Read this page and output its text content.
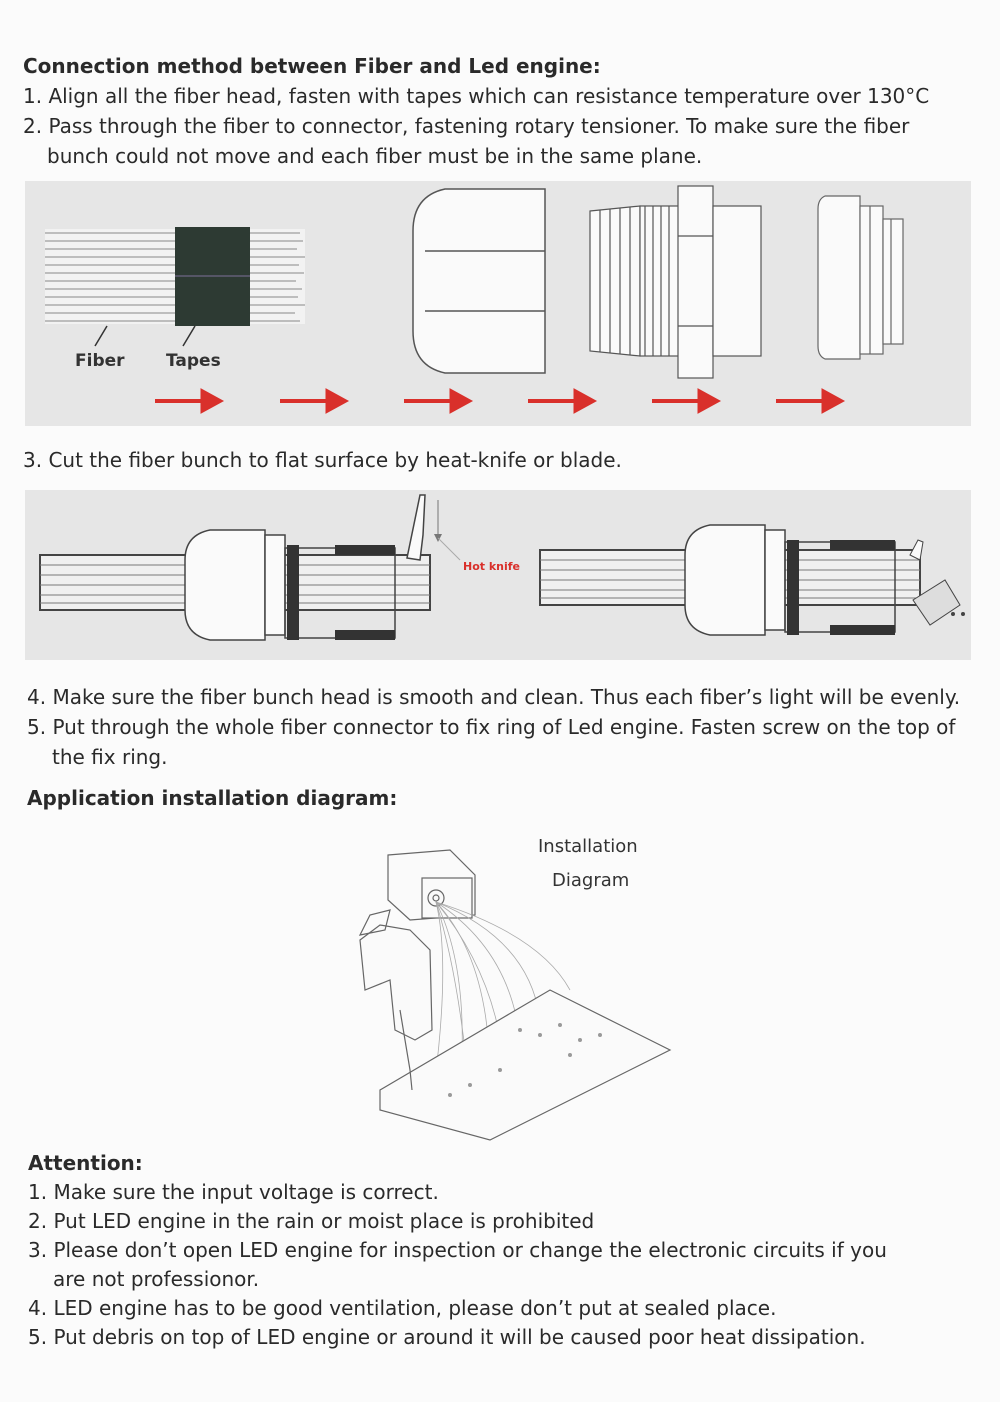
Connection method between Fiber and Led engine:
1. Align all the fiber head, fasten with tapes which can resistance temperature over 130°C
2. Pass through the fiber to connector, fastening rotary tensioner. To make sure the fiber
bunch could not move and each fiber must be in the same plane.
Fiber Tapes
3. Cut the fiber bunch to flat surface by heat-knife or blade.
Hot knife
4. Make sure the fiber bunch head is smooth and clean. Thus each fiber’s light will be evenly.
5. Put through the whole fiber connector to fix ring of Led engine. Fasten screw on the top of
the fix ring.
Application installation diagram:
Installation
Diagram
Attention:
1. Make sure the input voltage is correct.
2. Put LED engine in the rain or moist place is prohibited
3. Please don’t open LED engine for inspection or change the electronic circuits if you
are not professionor.
4. LED engine has to be good ventilation, please don’t put at sealed place.
5. Put debris on top of LED engine or around it will be caused poor heat dissipation.
